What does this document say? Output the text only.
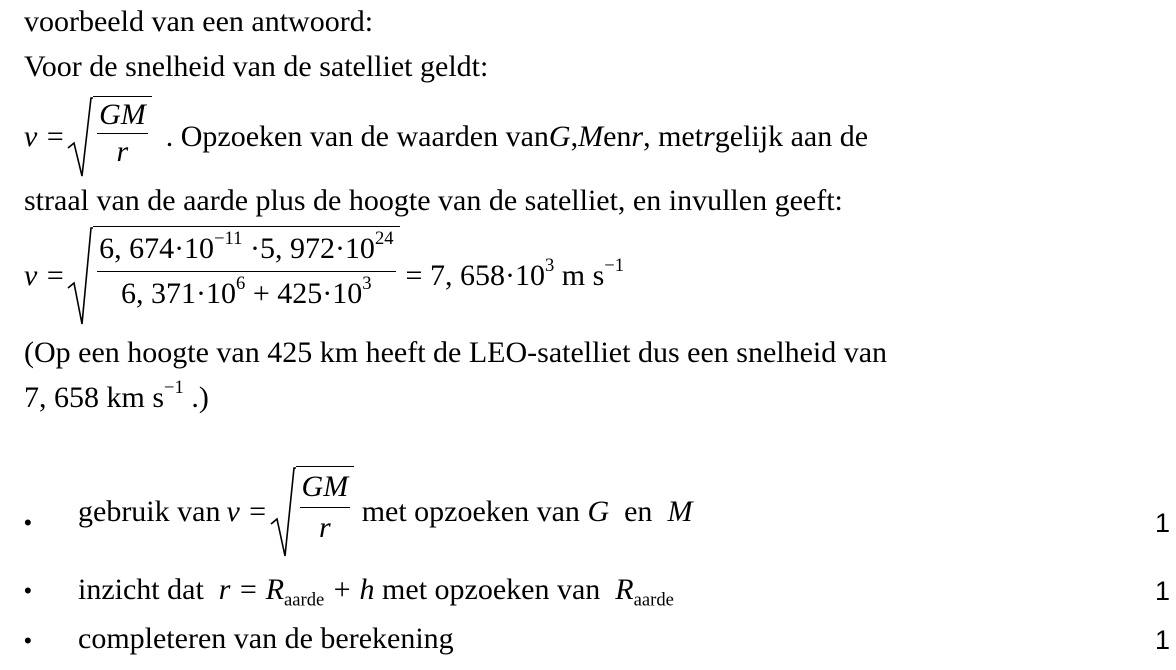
voorbeeld van een antwoord:
Voor de snelheid van de satelliet geldt:
$v = \frac{GM}{r}$ . Opzoeken van de waarden van G , M en r , met r gelijk aan de
straal van de aarde plus de hoogte van de satelliet, en invullen geeft:
$v = \frac{6, 674\cdot 10^{-11} \cdot 5, 972\cdot 10^{24}}{6, 371\cdot 10^6 + 425\cdot 10^3} = 7$, $658\cdot 10^3$ m $s^{-1}$
(Op een hoogte van 425 km heeft de LEO-satelliet dus een snelheid van
7, 658 km $s^{-1}$ .)
• gebruik van $v = \frac{GM}{r}$ met opzoeken van G en M	1
• inzicht dat $r = R_{aarde} + h$ met opzoeken van $R_{aarde}$	1
• completeren van de berekening	1
